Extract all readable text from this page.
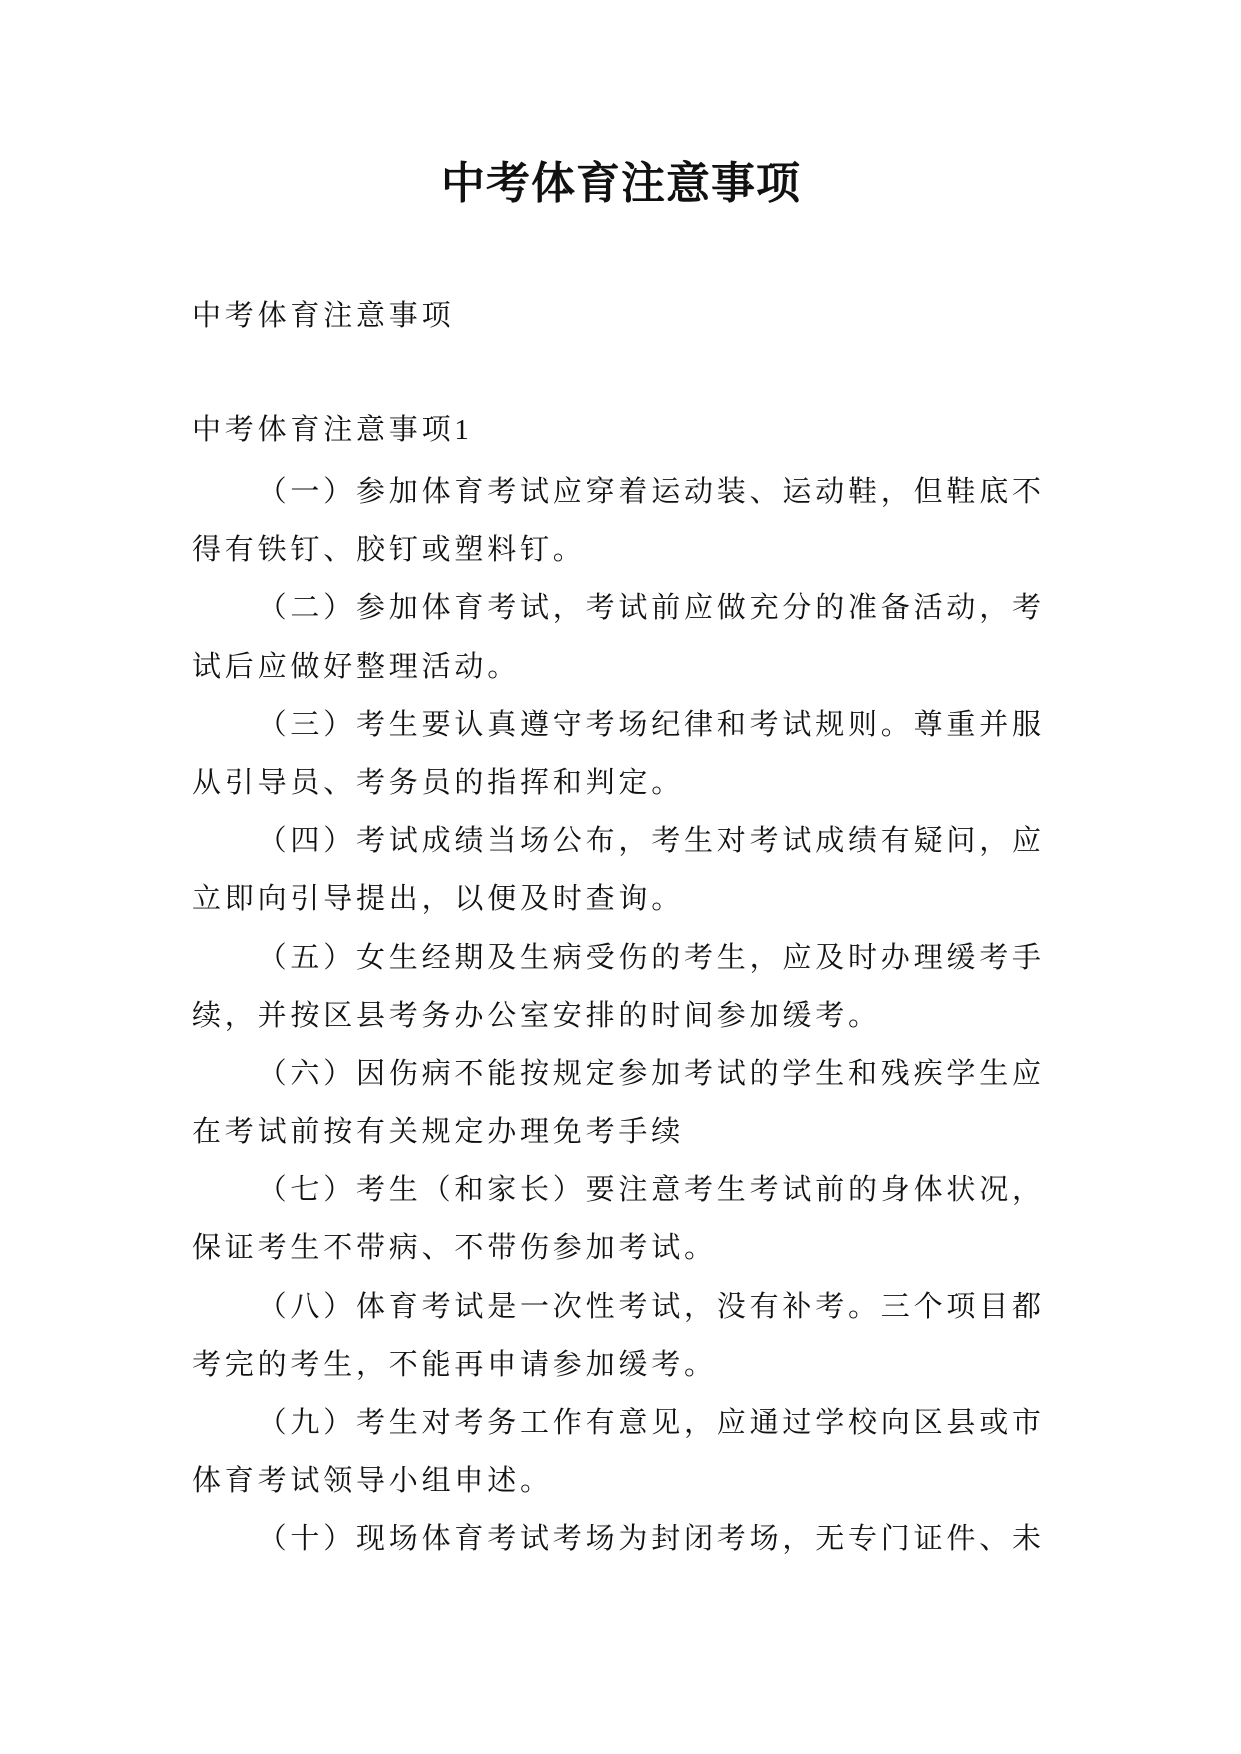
中考体育注意事项
中考体育注意事项
中考体育注意事项1
（一）参加体育考试应穿着运动装、运动鞋，但鞋底不
得有铁钉、胶钉或塑料钉。
（二）参加体育考试，考试前应做充分的准备活动，考
试后应做好整理活动。
（三）考生要认真遵守考场纪律和考试规则。尊重并服
从引导员、考务员的指挥和判定。
（四）考试成绩当场公布，考生对考试成绩有疑问，应
立即向引导提出，以便及时查询。
（五）女生经期及生病受伤的考生，应及时办理缓考手
续，并按区县考务办公室安排的时间参加缓考。
（六）因伤病不能按规定参加考试的学生和残疾学生应
在考试前按有关规定办理免考手续
（七）考生（和家长）要注意考生考试前的身体状况，
保证考生不带病、不带伤参加考试。
（八）体育考试是一次性考试，没有补考。三个项目都
考完的考生，不能再申请参加缓考。
（九）考生对考务工作有意见，应通过学校向区县或市
体育考试领导小组申述。
（十）现场体育考试考场为封闭考场，无专门证件、未
